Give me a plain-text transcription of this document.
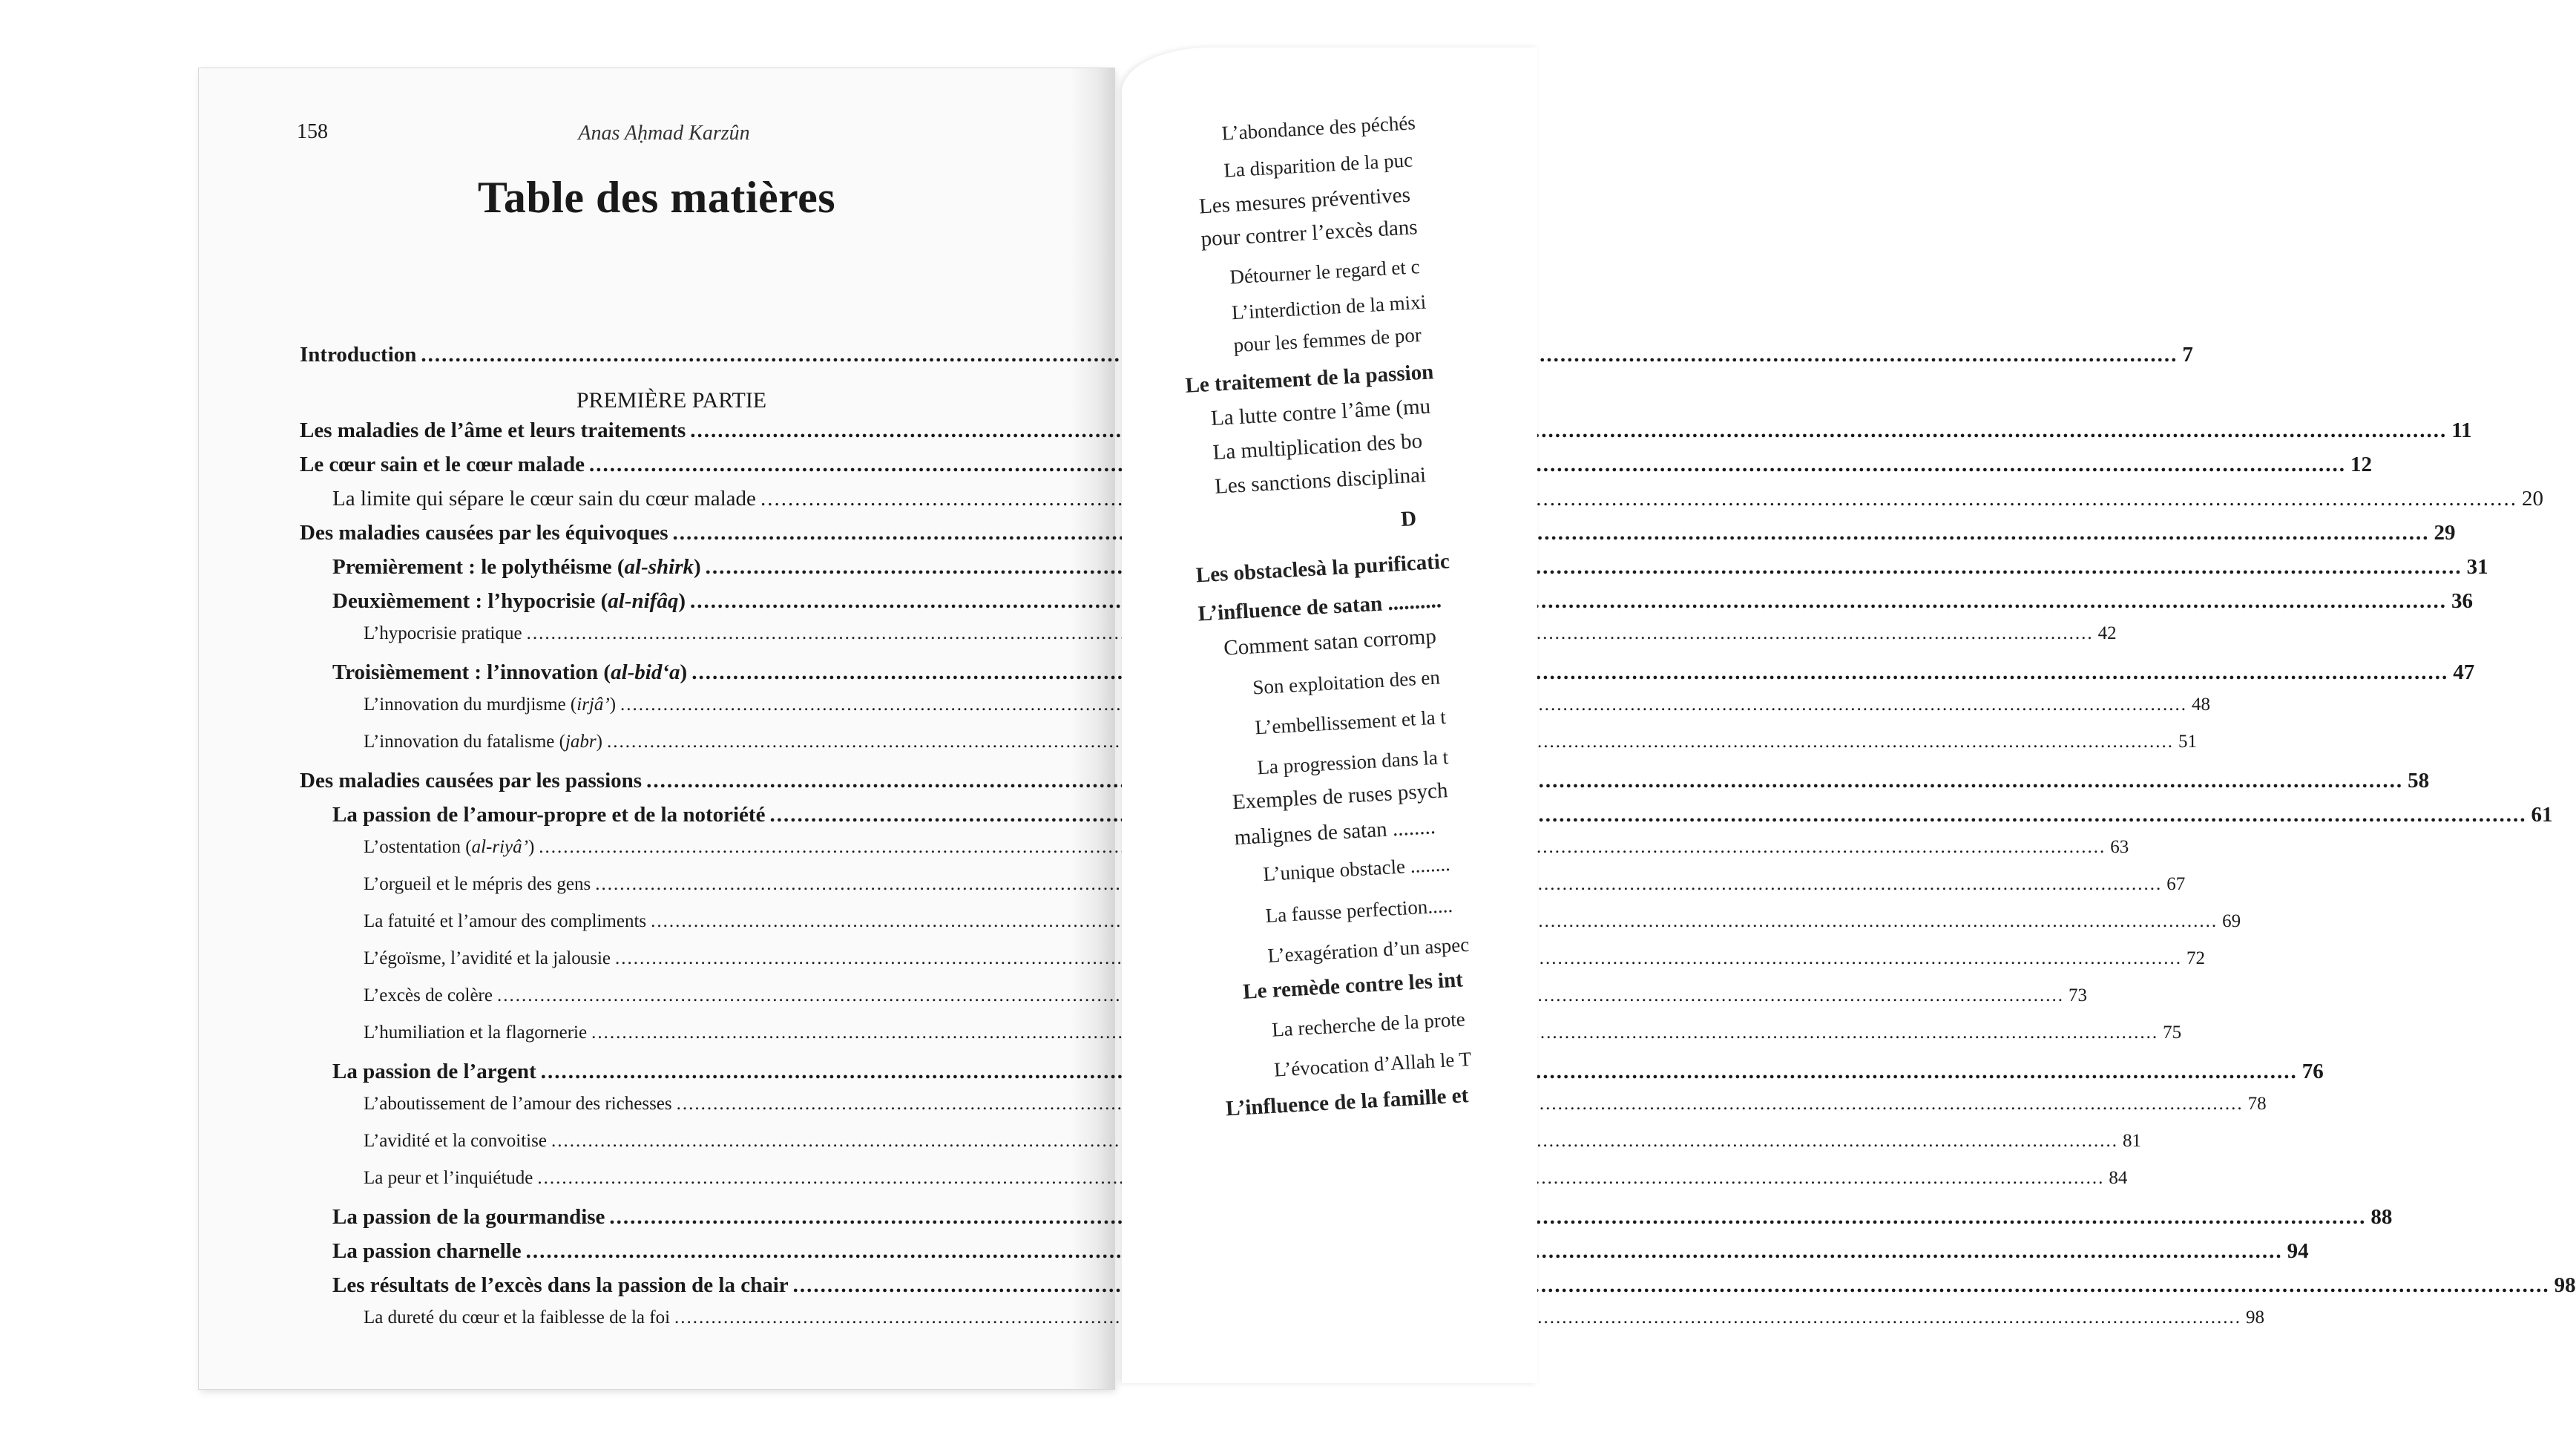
158	Anas Aḥmad Karzûn
Table des matières
Introduction .....	7
PREMIÈRE PARTIE
Les maladies de l’âme et leurs traitements .....	11
Le cœur sain et le cœur malade .....	12
La limite qui sépare le cœur sain du cœur malade .....	20
Des maladies causées par les équivoques .....	29
Premièrement : le polythéisme (al-shirk) .....	31
Deuxièmement : l’hypocrisie (al-nifâq) .....	36
L’hypocrisie pratique .....	42
Troisièmement : l’innovation (al-bid‘a) .....	47
L’innovation du murdjisme (irjâ’) .....	48
L’innovation du fatalisme (jabr) .....	51
Des maladies causées par les passions .....	58
La passion de l’amour-propre et de la notoriété .....	61
L’ostentation (al-riyâ’) .....	63
L’orgueil et le mépris des gens .....	67
La fatuité et l’amour des compliments .....	69
L’égoïsme, l’avidité et la jalousie .....	72
L’excès de colère .....	73
L’humiliation et la flagornerie .....	75
La passion de l’argent .....	76
L’aboutissement de l’amour des richesses .....	78
L’avidité et la convoitise .....	81
La peur et l’inquiétude .....	84
La passion de la gourmandise .....	88
La passion charnelle .....	94
Les résultats de l’excès dans la passion de la chair .....	98
La dureté du cœur et la faiblesse de la foi .....	98
L’abondance des péchés
La disparition de la puc
Les mesures préventives
pour contrer l’excès dans
Détourner le regard et c
L’interdiction de la mixi
pour les femmes de por
Le traitement de la passion
La lutte contre l’âme (mu
La multiplication des bo
Les sanctions disciplinai
D
Les obstaclesà la purificatic
L’influence de satan ..........
Comment satan corromp
Son exploitation des en
L’embellissement et la t
La progression dans la t
Exemples de ruses psych
malignes de satan ........
L’unique obstacle ........
La fausse perfection.....
L’exagération d’un aspec
Le remède contre les int
La recherche de la prote
L’évocation d’Allah le T
L’influence de la famille et
